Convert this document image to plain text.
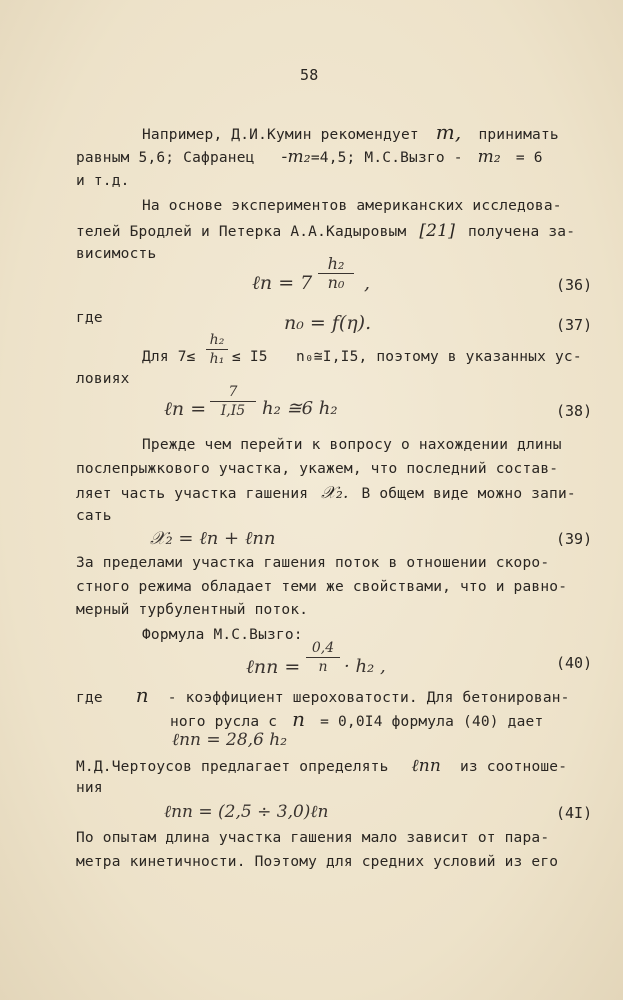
58
Например, Д.И.Кумин рекомендует m, принимать
равным 5,6; Сафранец -m₂=4,5; М.С.Вызго - m₂ = 6
и т.д.
На основе экспериментов американских исследова-
телей Бродлей и Петерка А.А.Кадыровым [21] получена за-
висимость
ℓn = 7
h₂
n₀	,	(36)
где	n₀ = f(η).	(37)
Для 7≤
h₂
h₁ ≤ I5 n₀≅I,I5, поэтому в указанных ус-
ловиях
ℓn =
7
I,I5 h₂ ≅6 h₂	(38)
Прежде чем перейти к вопросу о нахождении длины
послепрыжкового участка, укажем, что последний состав-
ляет часть участка гашения 𝒳₂. В общем виде можно запи-
сать
𝒳₂ = ℓn + ℓnn	(39)
За пределами участка гашения поток в отношении скоро-
стного режима обладает теми же свойствами, что и равно-
мерный турбулентный поток.
Формула М.С.Вызго:
ℓnn =
0,4
n · h₂ ,	(40)
где n - коэффициент шероховатости. Для бетонирован-
ного русла с n = 0,0I4 формула (40) дает
ℓnn = 28,6 h₂
М.Д.Чертоусов предлагает определять ℓnn из соотноше-
ния
ℓnn = (2,5 ÷ 3,0)ℓn	(4I)
По опытам длина участка гашения мало зависит от пара-
метра кинетичности. Поэтому для средних условий из его
